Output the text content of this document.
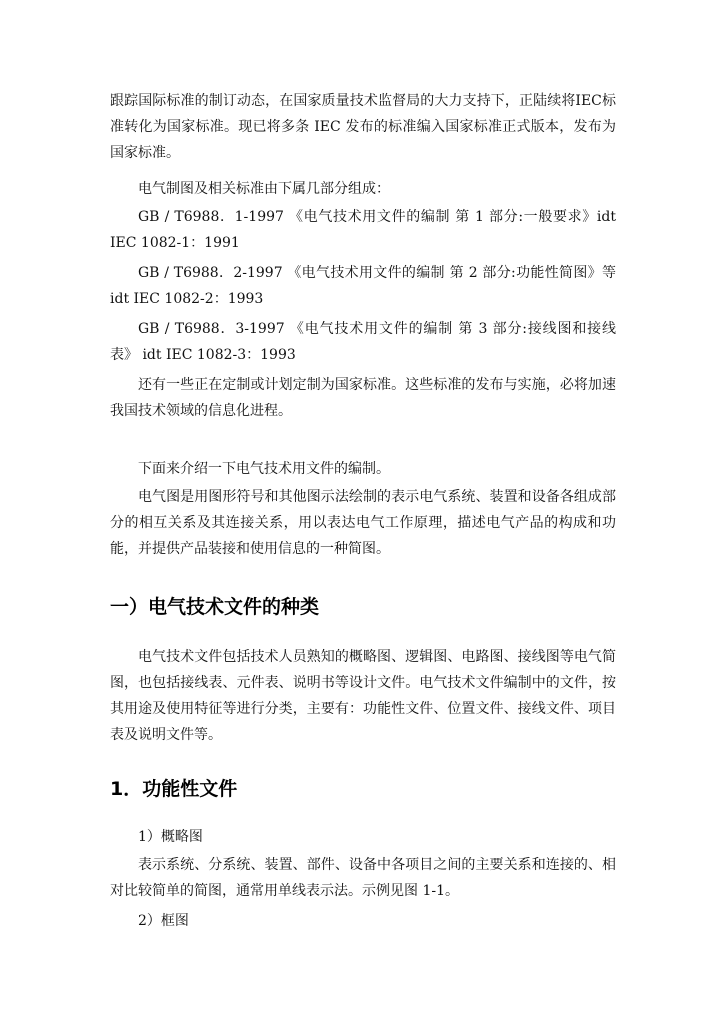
跟踪国际标准的制订动态，在国家质量技术监督局的大力支持下，正陆续将IEC标准转化为国家标准。现已将多条 IEC 发布的标准编入国家标准正式版本，发布为国家标准。

电气制图及相关标准由下属几部分组成：

GB / T6988．1-1997 《电气技术用文件的编制 第 1 部分:一般要求》idt IEC 1082-1：1991

GB / T6988．2-1997 《电气技术用文件的编制 第 2 部分:功能性简图》等 idt IEC 1082-2：1993

GB / T6988．3-1997 《电气技术用文件的编制 第 3 部分:接线图和接线表》 idt IEC 1082-3：1993

还有一些正在定制或计划定制为国家标准。这些标准的发布与实施，必将加速我国技术领域的信息化进程。

下面来介绍一下电气技术用文件的编制。

电气图是用图形符号和其他图示法绘制的表示电气系统、装置和设备各组成部分的相互关系及其连接关系，用以表达电气工作原理，描述电气产品的构成和功能，并提供产品装接和使用信息的一种简图。

一）电气技术文件的种类

电气技术文件包括技术人员熟知的概略图、逻辑图、电路图、接线图等电气简图，也包括接线表、元件表、说明书等设计文件。电气技术文件编制中的文件，按其用途及使用特征等进行分类，主要有：功能性文件、位置文件、接线文件、项目表及说明文件等。

1．功能性文件

1）概略图

表示系统、分系统、装置、部件、设备中各项目之间的主要关系和连接的、相对比较简单的简图，通常用单线表示法。示例见图 1-1。

2）框图
